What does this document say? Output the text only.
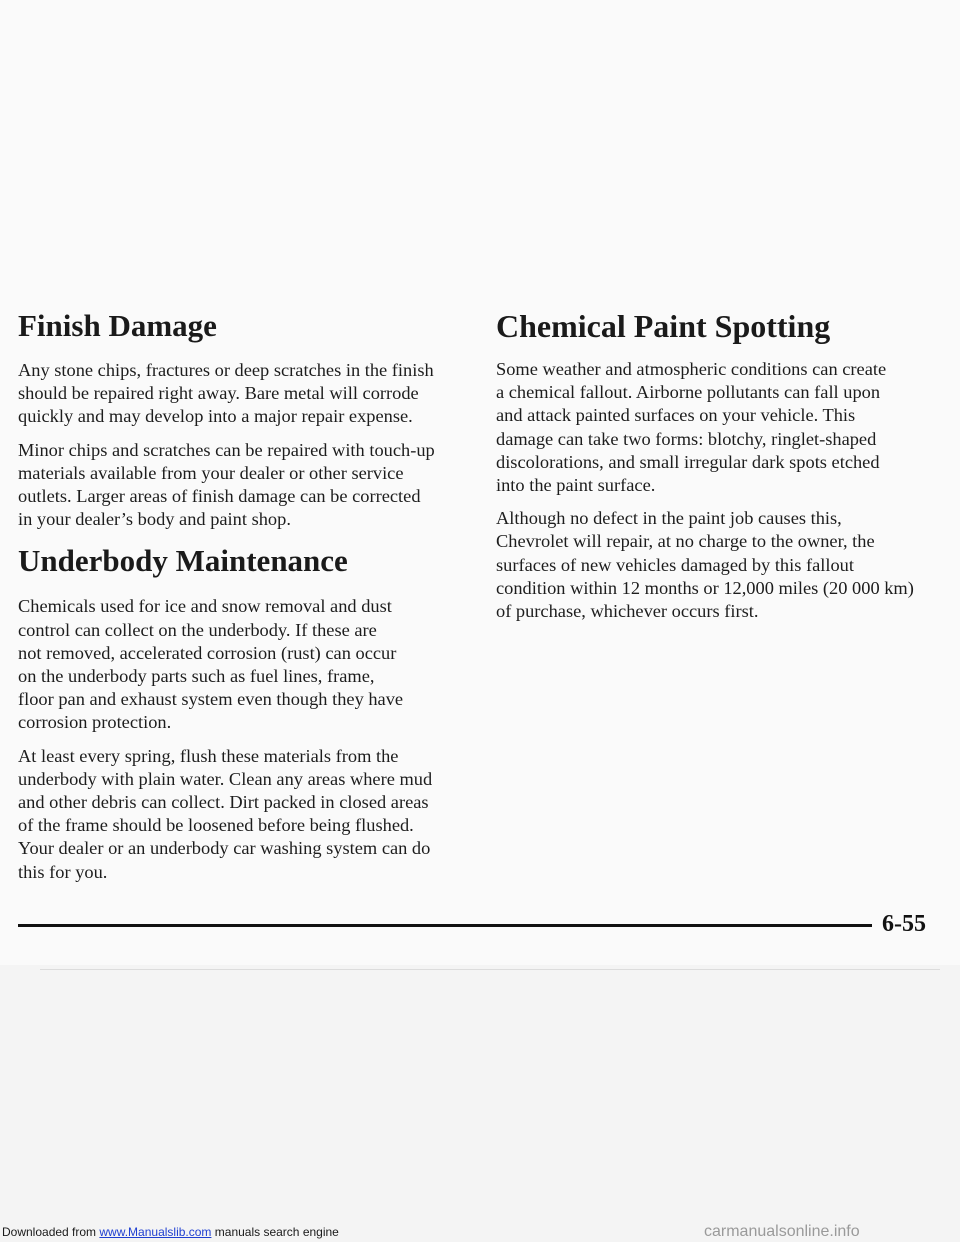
Finish Damage

Any stone chips, fractures or deep scratches in the finish
should be repaired right away. Bare metal will corrode
quickly and may develop into a major repair expense.

Minor chips and scratches can be repaired with touch-up
materials available from your dealer or other service
outlets. Larger areas of finish damage can be corrected
in your dealer’s body and paint shop.

Underbody Maintenance

Chemicals used for ice and snow removal and dust
control can collect on the underbody. If these are
not removed, accelerated corrosion (rust) can occur
on the underbody parts such as fuel lines, frame,
floor pan and exhaust system even though they have
corrosion protection.

At least every spring, flush these materials from the
underbody with plain water. Clean any areas where mud
and other debris can collect. Dirt packed in closed areas
of the frame should be loosened before being flushed.
Your dealer or an underbody car washing system can do
this for you.

Chemical Paint Spotting

Some weather and atmospheric conditions can create
a chemical fallout. Airborne pollutants can fall upon
and attack painted surfaces on your vehicle. This
damage can take two forms: blotchy, ringlet-shaped
discolorations, and small irregular dark spots etched
into the paint surface.

Although no defect in the paint job causes this,
Chevrolet will repair, at no charge to the owner, the
surfaces of new vehicles damaged by this fallout
condition within 12 months or 12,000 miles (20 000 km)
of purchase, whichever occurs first.

6-55
Downloaded from www.Manualslib.com manuals search engine	carmanualsonline.info
